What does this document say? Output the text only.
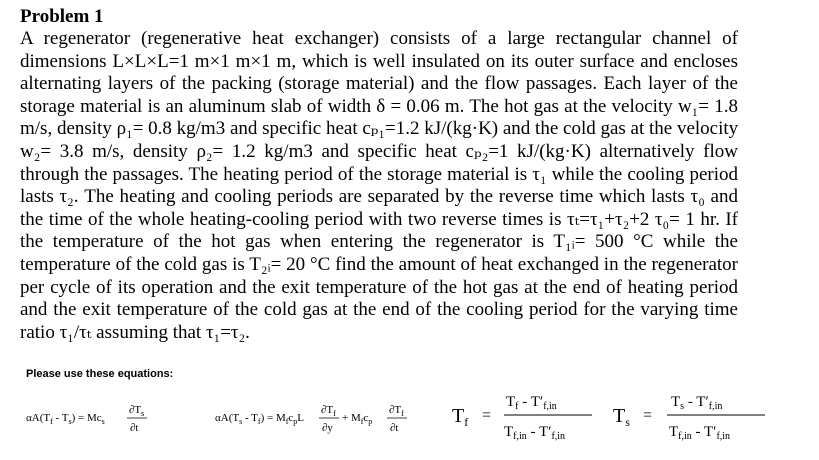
Problem 1
A regenerator (regenerative heat exchanger) consists of a large rectangular channel of
dimensions L×L×L=1 m×1 m×1 m, which is well insulated on its outer surface and encloses
alternating layers of the packing (storage material) and the flow passages. Each layer of the
storage material is an aluminum slab of width δ = 0.06 m. The hot gas at the velocity w₁= 1.8
m/s, density ρ₁= 0.8 kg/m3 and specific heat cₚ₁=1.2 kJ/(kg·K) and the cold gas at the velocity
w₂= 3.8 m/s, density ρ₂= 1.2 kg/m3 and specific heat cₚ₂=1 kJ/(kg·K) alternatively flow
through the passages. The heating period of the storage material is τ₁ while the cooling period
lasts τ₂. The heating and cooling periods are separated by the reverse time which lasts τ₀ and
the time of the whole heating-cooling period with two reverse times is τₜ=τ₁+τ₂+2 τ₀= 1 hr. If
the temperature of the hot gas when entering the regenerator is T₁ᵢ= 500 °C while the
temperature of the cold gas is T₂ᵢ= 20 °C find the amount of heat exchanged in the regenerator
per cycle of its operation and the exit temperature of the hot gas at the end of heating period
and the exit temperature of the cold gas at the end of the cooling period for the varying time
ratio τ₁/τₜ assuming that τ₁=τ₂.
Please use these equations:
$\alpha A(T_f - T_s) = Mc_s$
$\partial T_s$
∂t
$\alpha A(T_s - T_f) = M_fc_pL$
$\partial T_f$
∂y
+ $M_fc_p$
$\partial T_f$
∂t
$T_f$ =
$T_f - T'_{f,in}$
$T_{f,in} - T'_{f,in}$
$T_s$ =
$T_s - T'_{f,in}$
$T_{f,in} - T'_{f,in}$
